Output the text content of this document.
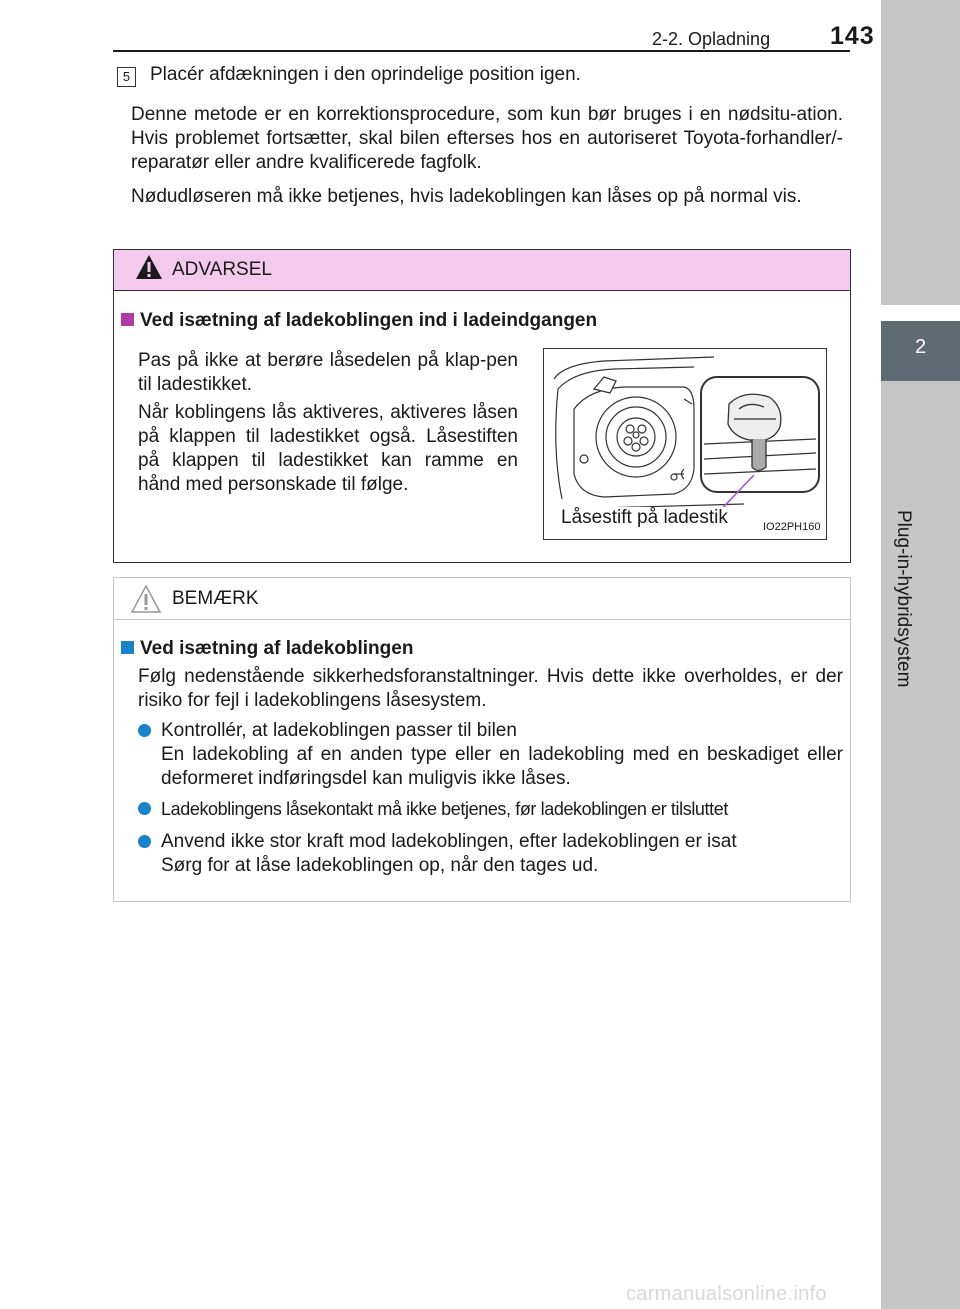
2-2. Opladning 143
2
Plug-in-hybridsystem
5	Placér afdækningen i den oprindelige position igen.
Denne metode er en korrektionsprocedure, som kun bør bruges i en nødsitu-ation. Hvis problemet fortsætter, skal bilen efterses hos en autoriseret Toyota-forhandler/-reparatør eller andre kvalificerede fagfolk.
Nødudløseren må ikke betjenes, hvis ladekoblingen kan låses op på normal vis.
ADVARSEL
Ved isætning af ladekoblingen ind i ladeindgangen
Pas på ikke at berøre låsedelen på klap-pen til ladestikket.
Når koblingens lås aktiveres, aktiveres låsen på klappen til ladestikket også. Låsestiften på klappen til ladestikket kan ramme en hånd med personskade til følge.
Låsestift på ladestik	IO22PH160
BEMÆRK
Ved isætning af ladekoblingen
Følg nedenstående sikkerhedsforanstaltninger. Hvis dette ikke overholdes, er der risiko for fejl i ladekoblingens låsesystem.
Kontrollér, at ladekoblingen passer til bilen
En ladekobling af en anden type eller en ladekobling med en beskadiget eller deformeret indføringsdel kan muligvis ikke låses.
Ladekoblingens låsekontakt må ikke betjenes, før ladekoblingen er tilsluttet
Anvend ikke stor kraft mod ladekoblingen, efter ladekoblingen er isat
Sørg for at låse ladekoblingen op, når den tages ud.
carmanualsonline.info
